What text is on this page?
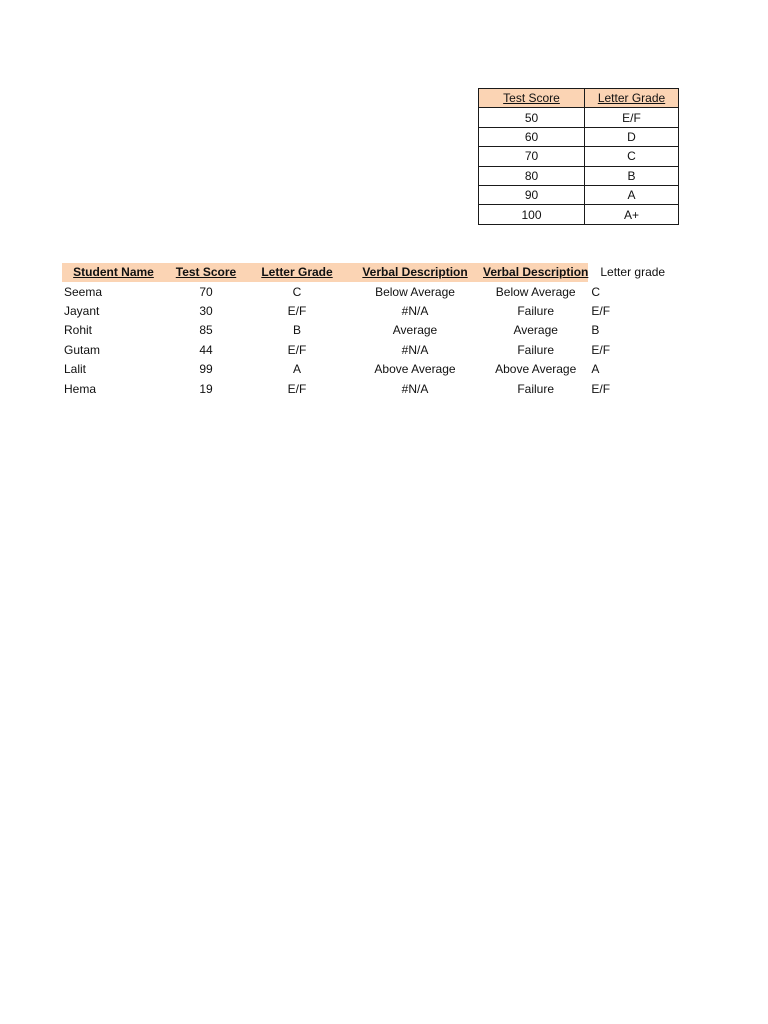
Test Score	Letter Grade
50	E/F
60	D
70	C
80	B
90	A
100	A+
Student Name	Test Score	Letter Grade	Verbal Description	Verbal Description	Letter grade
Seema	70	C	Below Average	Below Average	C
Jayant	30	E/F	#N/A	Failure	E/F
Rohit	85	B	Average	Average	B
Gutam	44	E/F	#N/A	Failure	E/F
Lalit	99	A	Above Average	Above Average	A
Hema	19	E/F	#N/A	Failure	E/F
